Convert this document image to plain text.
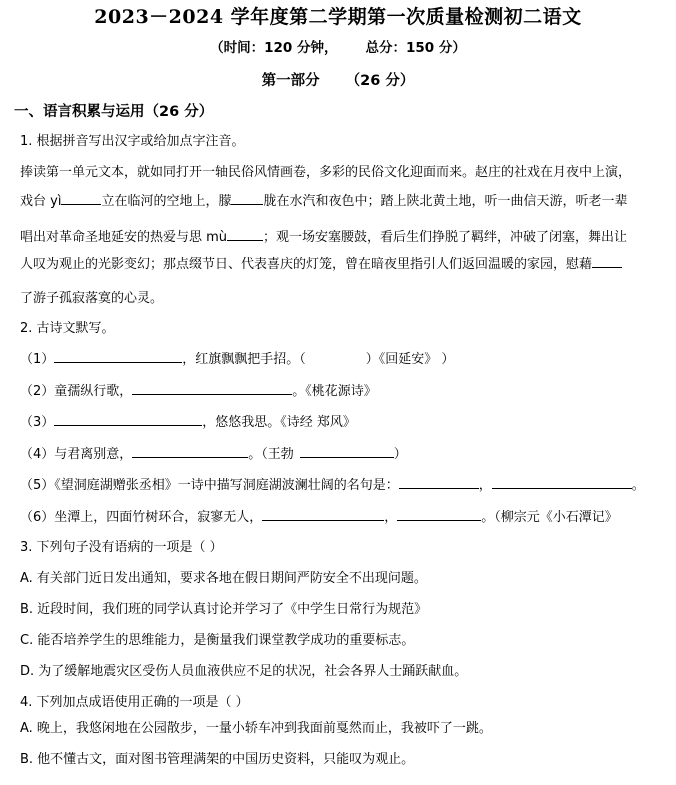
2023－2024 学年度第二学期第一次质量检测初二语文
（时间：120 分钟， 总分：150 分）
第一部分 （26 分）
一、语言积累与运用（26 分）
1. 根据拼音写出汉字或给加点字注音。
捧读第一单元文本，就如同打开一轴民俗风情画卷，多彩的民俗文化迎面而来。赵庄的社戏在月夜中上演，
戏台 yì	立在临河的空地上，朦 胧在水汽和夜色中；踏上陕北黄土地，听一曲信天游，听老一辈
唱出对革命圣地延安的热爱与思 mù	；观一场安塞腰鼓，看后生们挣脱了羁绊，冲破了闭塞，舞出让
人叹为观止的光影变幻；那点缀节日、代表喜庆的灯笼，曾在暗夜里指引人们返回温暖的家园，慰藉
了游子孤寂落寞的心灵。
2. 古诗文默写。
（1）	，红旗飘飘把手招。（	）《回延安》 ）
（2）童孺纵行歌，	。《桃花源诗》
（3）	，悠悠我思。《诗经 郑风》
（4）与君离别意，	。（王勃	）
（5）《望洞庭湖赠张丞相》一诗中描写洞庭湖波澜壮阔的名句是：	，	。
（6）坐潭上，四面竹树环合，寂寥无人，	，	。（柳宗元《小石潭记》
3. 下列句子没有语病的一项是（ ）
A. 有关部门近日发出通知，要求各地在假日期间严防安全不出现问题。
B. 近段时间，我们班的同学认真讨论并学习了《中学生日常行为规范》
C. 能否培养学生的思维能力，是衡量我们课堂教学成功的重要标志。
D. 为了缓解地震灾区受伤人员血液供应不足的状况，社会各界人士踊跃献血。
4. 下列加点成语使用正确的一项是（ ）
A. 晚上，我悠闲地在公园散步，一量小轿车冲到我面前戛然而止，我被吓了一跳。
B. 他不懂古文，面对图书管理满架的中国历史资料，只能叹为观止。
